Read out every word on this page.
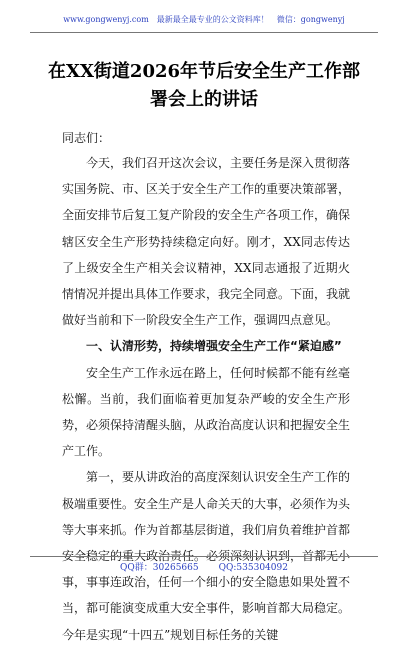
www.gongwenyj.com　最新最全最专业的公文资料库！　微信：gongwenyj
在XX街道2026年节后安全生产工作部署会上的讲话
同志们：

今天，我们召开这次会议，主要任务是深入贯彻落实国务院、市、区关于安全生产工作的重要决策部署，全面安排节后复工复产阶段的安全生产各项工作，确保辖区安全生产形势持续稳定向好。刚才，XX同志传达了上级安全生产相关会议精神，XX同志通报了近期火情情况并提出具体工作要求，我完全同意。下面，我就做好当前和下一阶段安全生产工作，强调四点意见。

一、认清形势，持续增强安全生产工作“紧迫感”

安全生产工作永远在路上，任何时候都不能有丝毫松懈。当前，我们面临着更加复杂严峻的安全生产形势，必须保持清醒头脑，从政治高度认识和把握安全生产工作。

第一，要从讲政治的高度深刻认识安全生产工作的极端重要性。安全生产是人命关天的大事，必须作为头等大事来抓。作为首都基层街道，我们肩负着维护首都安全稳定的重大政治责任。必须深刻认识到，首都无小事，事事连政治，任何一个细小的安全隐患如果处置不当，都可能演变成重大安全事件，影响首都大局稳定。今年是实现“十四五”规划目标任务的关键

QQ群：30265665 QQ:535304092
